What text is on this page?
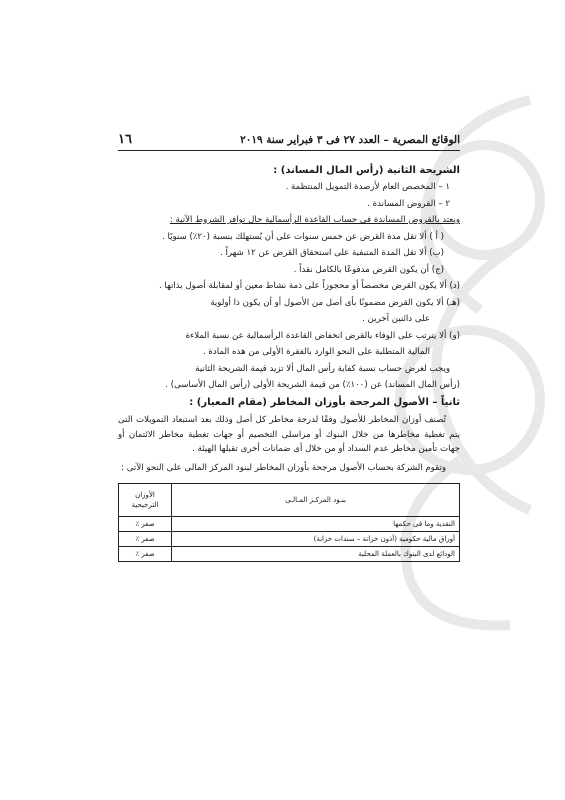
الوقائع المصرية – العدد ٢٧ فى ٣ فبراير سنة ٢٠١٩
١٦
الشريحة الثانية (رأس المال المساند) :
١ – المخصص العام لأرصدة التمويل المنتظمة .
٢ – القروض المساندة .
ويعتد بالقروض المساندة فى حساب القاعدة الرأسمالية حال توافر الشروط الآتية :
( أ ) ألا تقل مدة القرض عن خمس سنوات على أن يُستهلك بنسبة (٢٠٪) سنويًا .
(ب) ألا تقل المدة المتبقية على استحقاق القرض عن ١٢ شهراً .
(ج) أن يكون القرض مدفوعًا بالكامل نقداً .
(د) ألا يكون القرض مخصصاً أو محجوزاً على ذمة نشاط معين أو لمقابلة أصول بذاتها .
(هـ) ألا يكون القرض مضمونًا بأى أصل من الأصول أو أن يكون ذا أولوية
على دائنين آخرين .
(و) ألا يترتب على الوفاء بالقرض انخفاض القاعدة الرأسمالية عن نسبة الملاءة
المالية المتطلبة على النحو الوارد بالفقرة الأولى من هذه المادة .
ويجب لغرض حساب نسبة كفاية رأس المال ألا تزيد قيمة الشريحة الثانية
(رأس المال المساند) عن (١٠٠٪) من قيمة الشريحة الأولى (رأس المال الأساسى) .
ثانياً – الأصول المرجحة بأوزان المخاطر (مقام المعيار) :
تُصنف أوزان المخاطر للأصول وفقًا لدرجة مخاطر كل أصل وذلك بعد استبعاد التمويلات التى يتم تغطية مخاطرها من خلال البنوك أو مراسلى التخصيم أو جهات تغطية مخاطر الائتمان أو جهات تأمين مخاطر عدم السداد أو من خلال أى ضمانات أخرى تقبلها الهيئة .
وتقوم الشركة بحساب الأصول مرجحة بأوزان المخاطر لبنود المركز المالى على النحو الآتى :
بنـود المركـز المـالـى	الأوزان الترجيحية
النقدية وما فى حكمها	صفر ٪
أوراق مالية حكومية (أذون خزانة – سندات خزانة)	صفر ٪
الودائع لدى البنوك بالعملة المحلية	صفر ٪
